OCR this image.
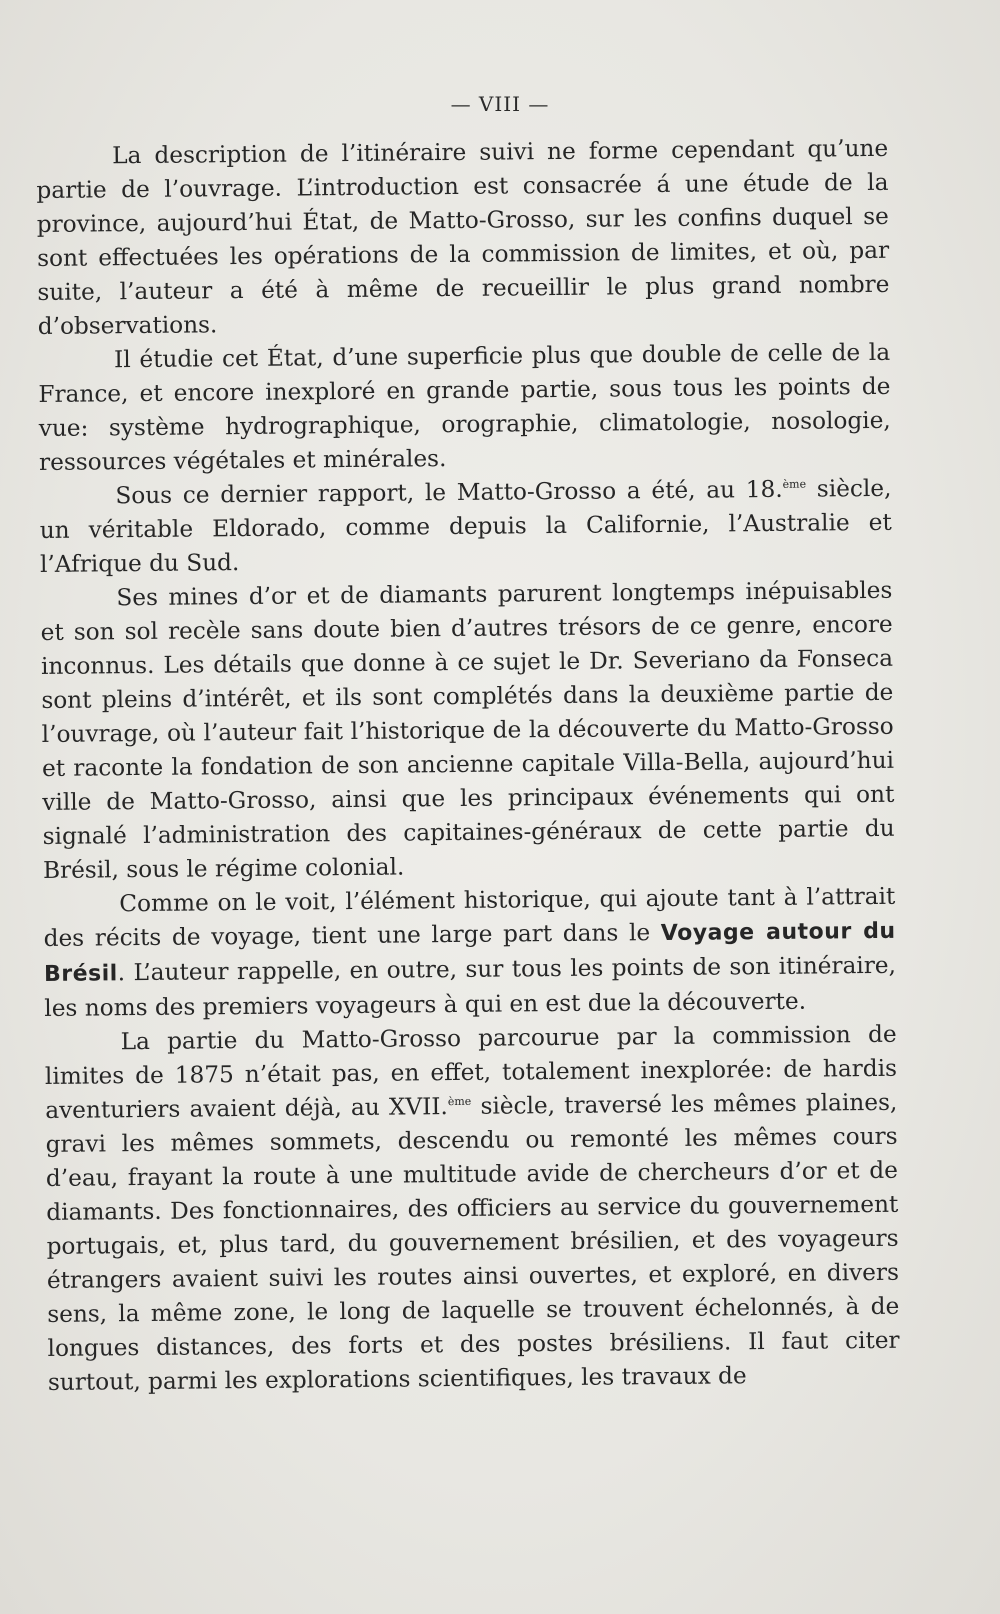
— VIII —

La description de l’itinéraire suivi ne forme cependant qu’une partie de l’ouvrage. L’introduction est consacrée á une étude de la province, aujourd’hui État, de Matto-Grosso, sur les confins duquel se sont effectuées les opérations de la commission de limites, et où, par suite, l’auteur a été à même de recueillir le plus grand nombre d’observations.

Il étudie cet État, d’une superficie plus que double de celle de la France, et encore inexploré en grande partie, sous tous les points de vue: système hydrographique, orographie, climatologie, nosologie, ressources végétales et minérales.

Sous ce dernier rapport, le Matto-Grosso a été, au 18.$^{ème}$ siècle, un véritable Eldorado, comme depuis la Californie, l’Australie et l’Afrique du Sud.

Ses mines d’or et de diamants parurent longtemps inépuisables et son sol recèle sans doute bien d’autres trésors de ce genre, encore inconnus. Les détails que donne à ce sujet le Dr. Severiano da Fonseca sont pleins d’intérêt, et ils sont complétés dans la deuxième partie de l’ouvrage, où l’auteur fait l’historique de la découverte du Matto-Grosso et raconte la fondation de son ancienne capitale Villa-Bella, aujourd’hui ville de Matto-Grosso, ainsi que les principaux événements qui ont signalé l’administration des capitaines-généraux de cette partie du Brésil, sous le régime colonial.

Comme on le voit, l’élément historique, qui ajoute tant à l’attrait des récits de voyage, tient une large part dans le Voyage autour du Brésil. L’auteur rappelle, en outre, sur tous les points de son itinéraire, les noms des premiers voyageurs à qui en est due la découverte.

La partie du Matto-Grosso parcourue par la commission de limites de 1875 n’était pas, en effet, totalement inexplorée: de hardis aventuriers avaient déjà, au XVII.$^{ème}$ siècle, traversé les mêmes plaines, gravi les mêmes sommets, descendu ou remonté les mêmes cours d’eau, frayant la route à une multitude avide de chercheurs d’or et de diamants. Des fonctionnaires, des officiers au service du gouvernement portugais, et, plus tard, du gouvernement brésilien, et des voyageurs étrangers avaient suivi les routes ainsi ouvertes, et exploré, en divers sens, la même zone, le long de laquelle se trouvent échelonnés, à de longues distances, des forts et des postes brésiliens. Il faut citer surtout, parmi les explorations scientifiques, les travaux de
